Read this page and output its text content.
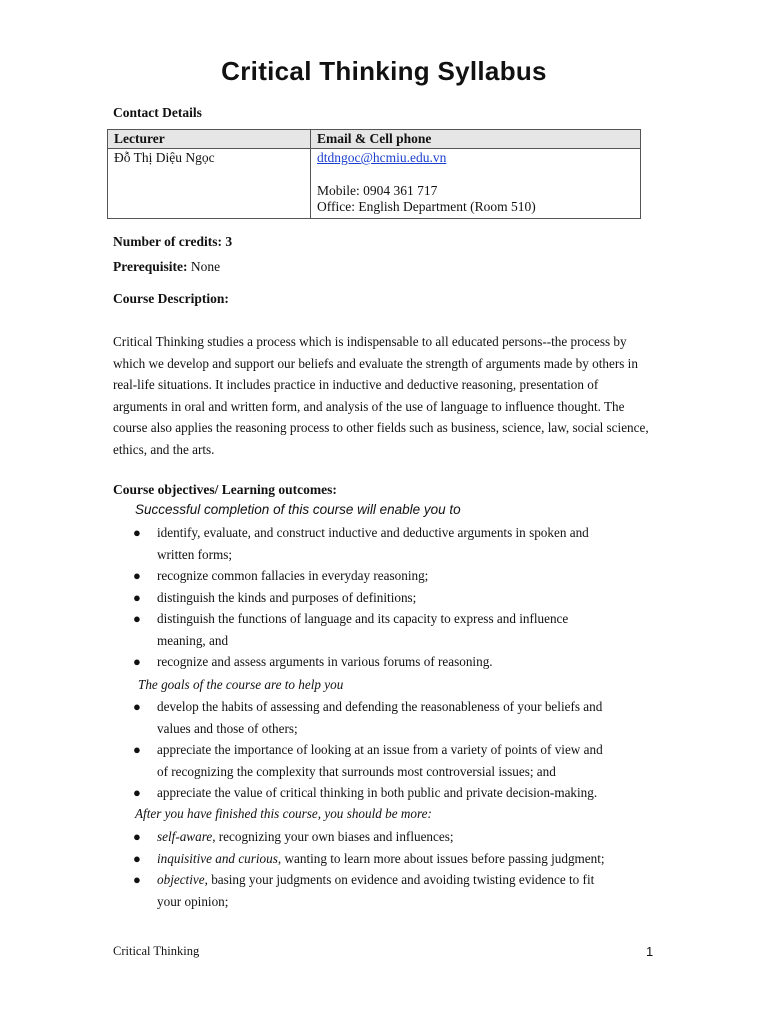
Critical Thinking Syllabus
Contact Details
Lecturer	Email & Cell phone
Đỗ Thị Diệu Ngọc	dtdngoc@hcmiu.edu.vn
Mobile: 0904 361 717
Office: English Department (Room 510)
Number of credits: 3
Prerequisite: None
Course Description:
Critical Thinking studies a process which is indispensable to all educated persons--the process by which we develop and support our beliefs and evaluate the strength of arguments made by others in real-life situations. It includes practice in inductive and deductive reasoning, presentation of arguments in oral and written form, and analysis of the use of language to influence thought. The course also applies the reasoning process to other fields such as business, science, law, social science, ethics, and the arts.
Course objectives/ Learning outcomes:
Successful completion of this course will enable you to
● identify, evaluate, and construct inductive and deductive arguments in spoken and written forms;
● recognize common fallacies in everyday reasoning;
● distinguish the kinds and purposes of definitions;
● distinguish the functions of language and its capacity to express and influence meaning, and
● recognize and assess arguments in various forums of reasoning.
The goals of the course are to help you
● develop the habits of assessing and defending the reasonableness of your beliefs and values and those of others;
● appreciate the importance of looking at an issue from a variety of points of view and of recognizing the complexity that surrounds most controversial issues; and
● appreciate the value of critical thinking in both public and private decision-making.
After you have finished this course, you should be more:
● self-aware, recognizing your own biases and influences;
● inquisitive and curious, wanting to learn more about issues before passing judgment;
● objective, basing your judgments on evidence and avoiding twisting evidence to fit your opinion;
Critical Thinking	1
